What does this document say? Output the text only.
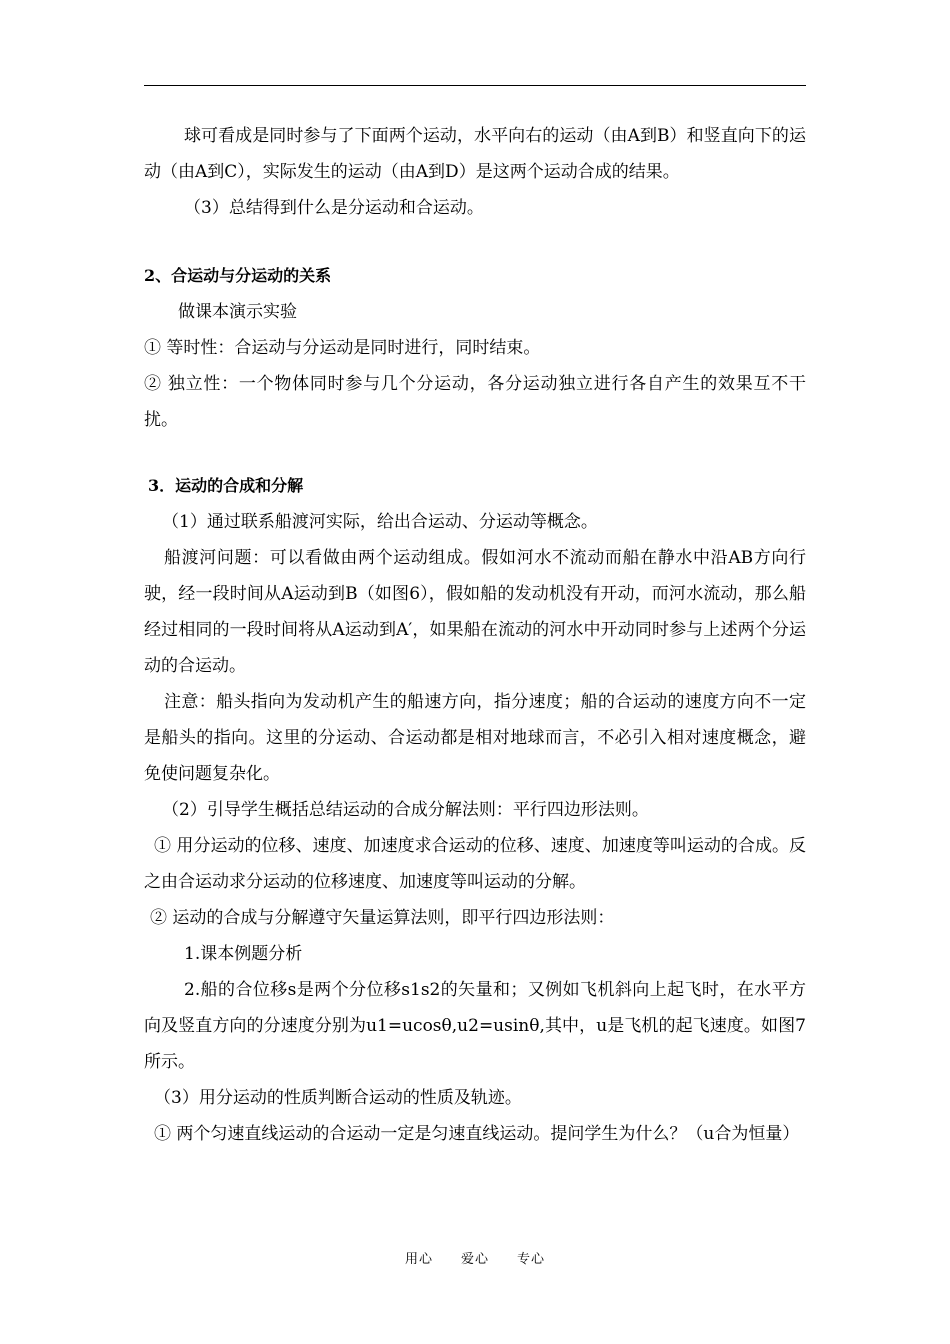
球可看成是同时参与了下面两个运动，水平向右的运动（由A到B）和竖直向下的运动（由A到C），实际发生的运动（由A到D）是这两个运动合成的结果。

（3）总结得到什么是分运动和合运动。

2、合运动与分运动的关系

做课本演示实验

① 等时性：合运动与分运动是同时进行，同时结束。

② 独立性：一个物体同时参与几个分运动，各分运动独立进行各自产生的效果互不干扰。

3．运动的合成和分解

（1）通过联系船渡河实际，给出合运动、分运动等概念。

船渡河问题：可以看做由两个运动组成。假如河水不流动而船在静水中沿AB方向行驶，经一段时间从A运动到B（如图6），假如船的发动机没有开动，而河水流动，那么船经过相同的一段时间将从A运动到A′，如果船在流动的河水中开动同时参与上述两个分运动的合运动。

注意：船头指向为发动机产生的船速方向，指分速度；船的合运动的速度方向不一定是船头的指向。这里的分运动、合运动都是相对地球而言，不必引入相对速度概念，避免使问题复杂化。

（2）引导学生概括总结运动的合成分解法则：平行四边形法则。

① 用分运动的位移、速度、加速度求合运动的位移、速度、加速度等叫运动的合成。反之由合运动求分运动的位移速度、加速度等叫运动的分解。

② 运动的合成与分解遵守矢量运算法则，即平行四边形法则：

1.课本例题分析

2.船的合位移s是两个分位移s1s2的矢量和；又例如飞机斜向上起飞时，在水平方向及竖直方向的分速度分别为u1=ucosθ,u2=usinθ,其中，u是飞机的起飞速度。如图7所示。

（3）用分运动的性质判断合运动的性质及轨迹。

① 两个匀速直线运动的合运动一定是匀速直线运动。提问学生为什么？（u合为恒量）

用心　　爱心　　专心
